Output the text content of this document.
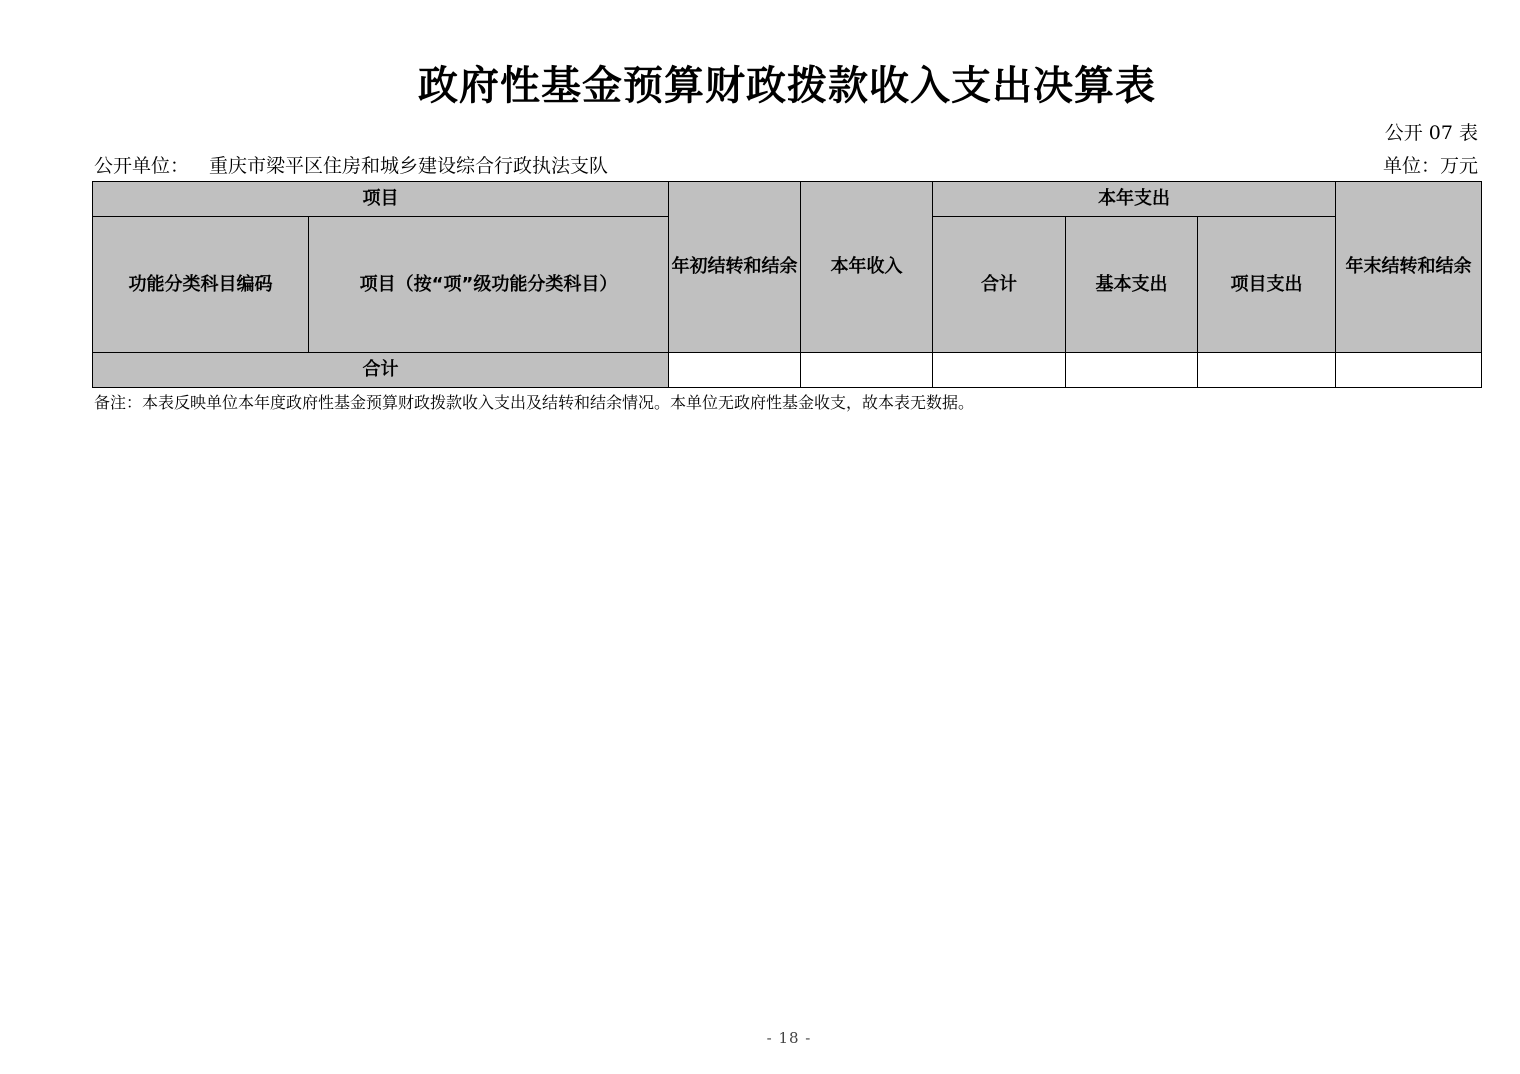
政府性基金预算财政拨款收入支出决算表
公开 07 表
公开单位： 重庆市梁平区住房和城乡建设综合行政执法支队	单位：万元
项目		年初结转和结余	本年收入	本年支出			年末结转和结余
功能分类科目编码	项目（按“项”级功能分类科目）			合计	基本支出	项目支出	
合计							
备注：本表反映单位本年度政府性基金预算财政拨款收入支出及结转和结余情况。本单位无政府性基金收支，故本表无数据。
- 18 -
